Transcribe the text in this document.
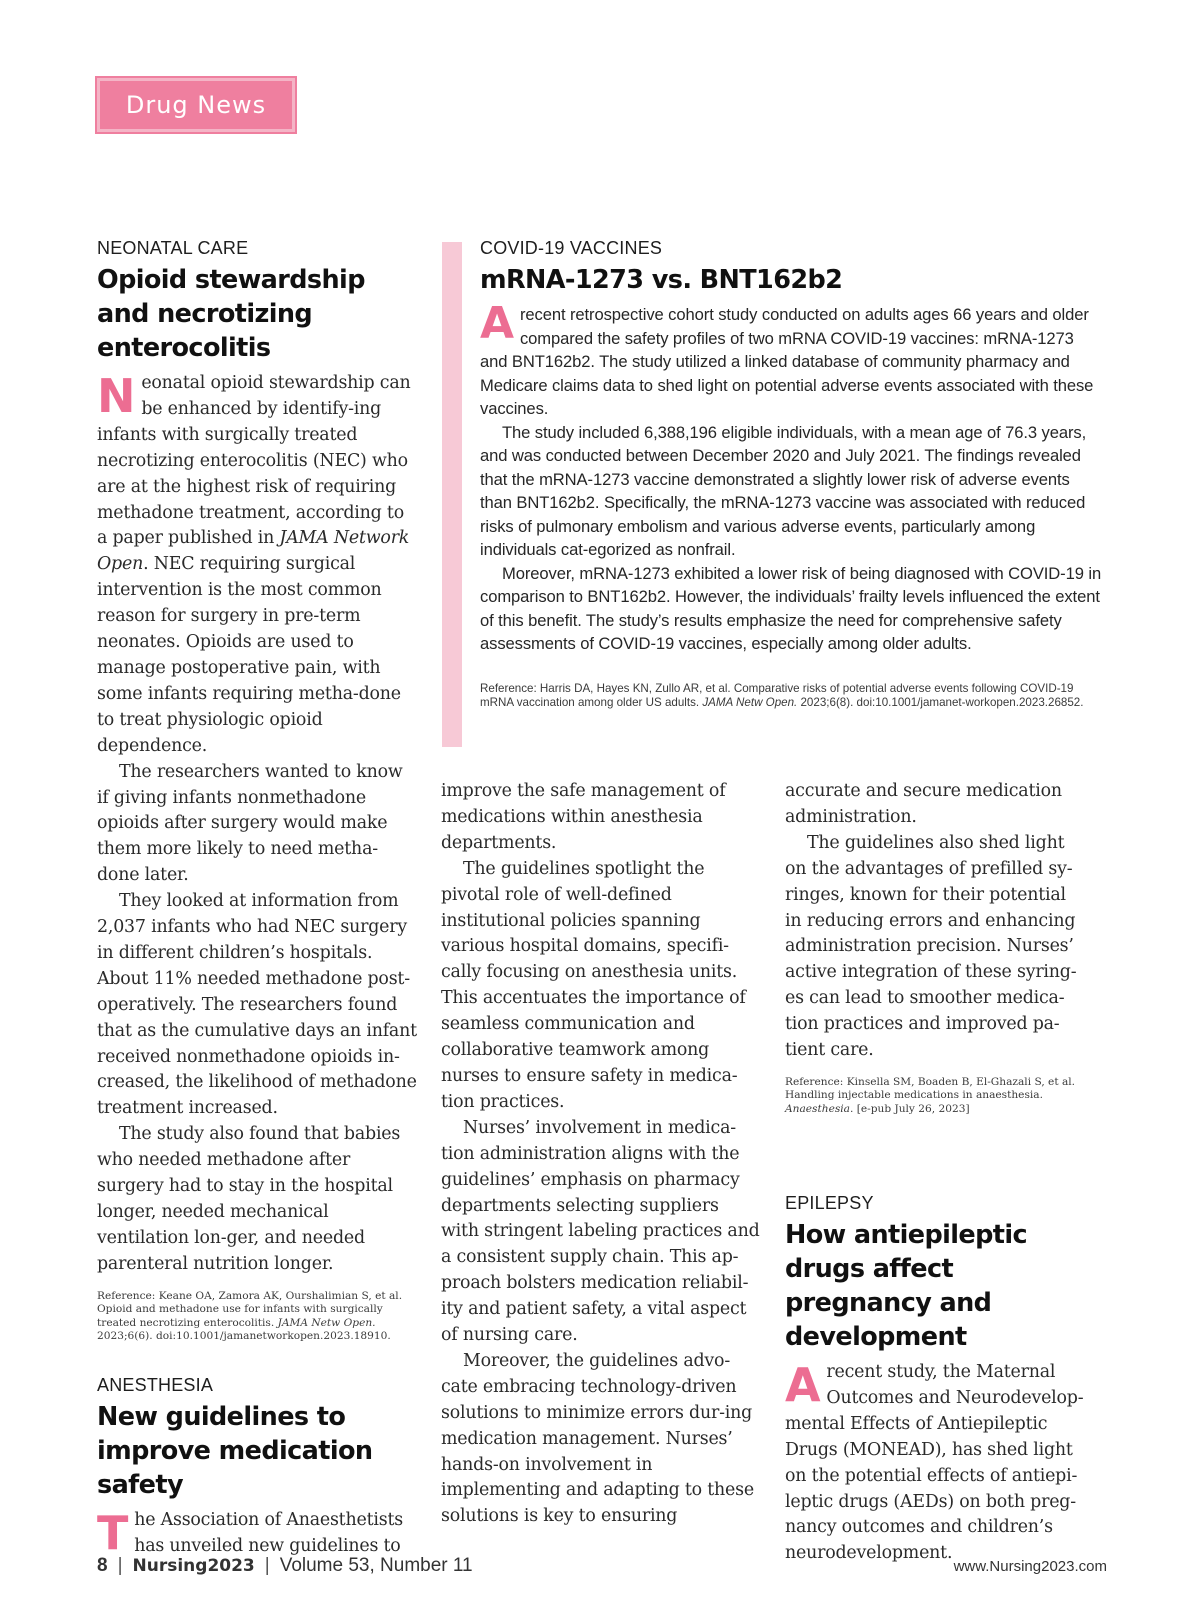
Drug News
NEONATAL CARE
Opioid stewardship and necrotizing enterocolitis

Neonatal opioid stewardship can be enhanced by identify-ing infants with surgically treated necrotizing enterocolitis (NEC) who are at the highest risk of requiring methadone treatment, according to a paper published in JAMA Network Open. NEC requiring surgical intervention is the most common reason for surgery in pre-term neonates. Opioids are used to manage postoperative pain, with some infants requiring metha-done to treat physiologic opioid dependence.

The researchers wanted to know if giving infants nonmethadone opioids after surgery would make them more likely to need metha-done later.

They looked at information from 2,037 infants who had NEC surgery in different children’s hospitals. About 11% needed methadone post-operatively. The researchers found that as the cumulative days an infant received nonmethadone opioids in-creased, the likelihood of methadone treatment increased.

The study also found that babies who needed methadone after surgery had to stay in the hospital longer, needed mechanical ventilation lon-ger, and needed parenteral nutrition longer.

Reference: Keane OA, Zamora AK, Ourshalimian S, et al. Opioid and methadone use for infants with surgically treated necrotizing enterocolitis. JAMA Netw Open. 2023;6(6). doi:10.1001/jamanetworkopen.2023.18910.
ANESTHESIA
New guidelines to improve medication safety

The Association of Anaesthetists has unveiled new guidelines to

COVID-19 VACCINES
mRNA-1273 vs. BNT162b2

A recent retrospective cohort study conducted on adults ages 66 years and older compared the safety profiles of two mRNA COVID-19 vaccines: mRNA-1273 and BNT162b2. The study utilized a linked database of community pharmacy and Medicare claims data to shed light on potential adverse events associated with these vaccines.

The study included 6,388,196 eligible individuals, with a mean age of 76.3 years, and was conducted between December 2020 and July 2021. The findings revealed that the mRNA-1273 vaccine demonstrated a slightly lower risk of adverse events than BNT162b2. Specifically, the mRNA-1273 vaccine was associated with reduced risks of pulmonary embolism and various adverse events, particularly among individuals cat-egorized as nonfrail.

Moreover, mRNA-1273 exhibited a lower risk of being diagnosed with COVID-19 in comparison to BNT162b2. However, the individuals’ frailty levels influenced the extent of this benefit. The study’s results emphasize the need for comprehensive safety assessments of COVID-19 vaccines, especially among older adults.

Reference: Harris DA, Hayes KN, Zullo AR, et al. Comparative risks of potential adverse events following COVID-19 mRNA vaccination among older US adults. JAMA Netw Open. 2023;6(8). doi:10.1001/jamanet-workopen.2023.26852.

improve the safe management of medications within anesthesia departments.

The guidelines spotlight the pivotal role of well-defined institutional policies spanning various hospital domains, specifi-cally focusing on anesthesia units. This accentuates the importance of seamless communication and collaborative teamwork among nurses to ensure safety in medica-tion practices.

Nurses’ involvement in medica-tion administration aligns with the guidelines’ emphasis on pharmacy departments selecting suppliers with stringent labeling practices and a consistent supply chain. This ap-proach bolsters medication reliabil-ity and patient safety, a vital aspect of nursing care.

Moreover, the guidelines advo-cate embracing technology-driven solutions to minimize errors dur-ing medication management. Nurses’ hands-on involvement in implementing and adapting to these solutions is key to ensuring

accurate and secure medication administration.

The guidelines also shed light on the advantages of prefilled sy-ringes, known for their potential in reducing errors and enhancing administration precision. Nurses’ active integration of these syring-es can lead to smoother medica-tion practices and improved pa-tient care.

Reference: Kinsella SM, Boaden B, El-Ghazali S, et al. Handling injectable medications in anaesthesia. Anaesthesia. [e-pub July 26, 2023]
EPILEPSY
How antiepileptic drugs affect pregnancy and development

A recent study, the Maternal Outcomes and Neurodevelop-mental Effects of Antiepileptic Drugs (MONEAD), has shed light on the potential effects of antiepi-leptic drugs (AEDs) on both preg-nancy outcomes and children’s neurodevelopment.

8 | Nursing2023 | Volume 53, Number 11	www.Nursing2023.com
